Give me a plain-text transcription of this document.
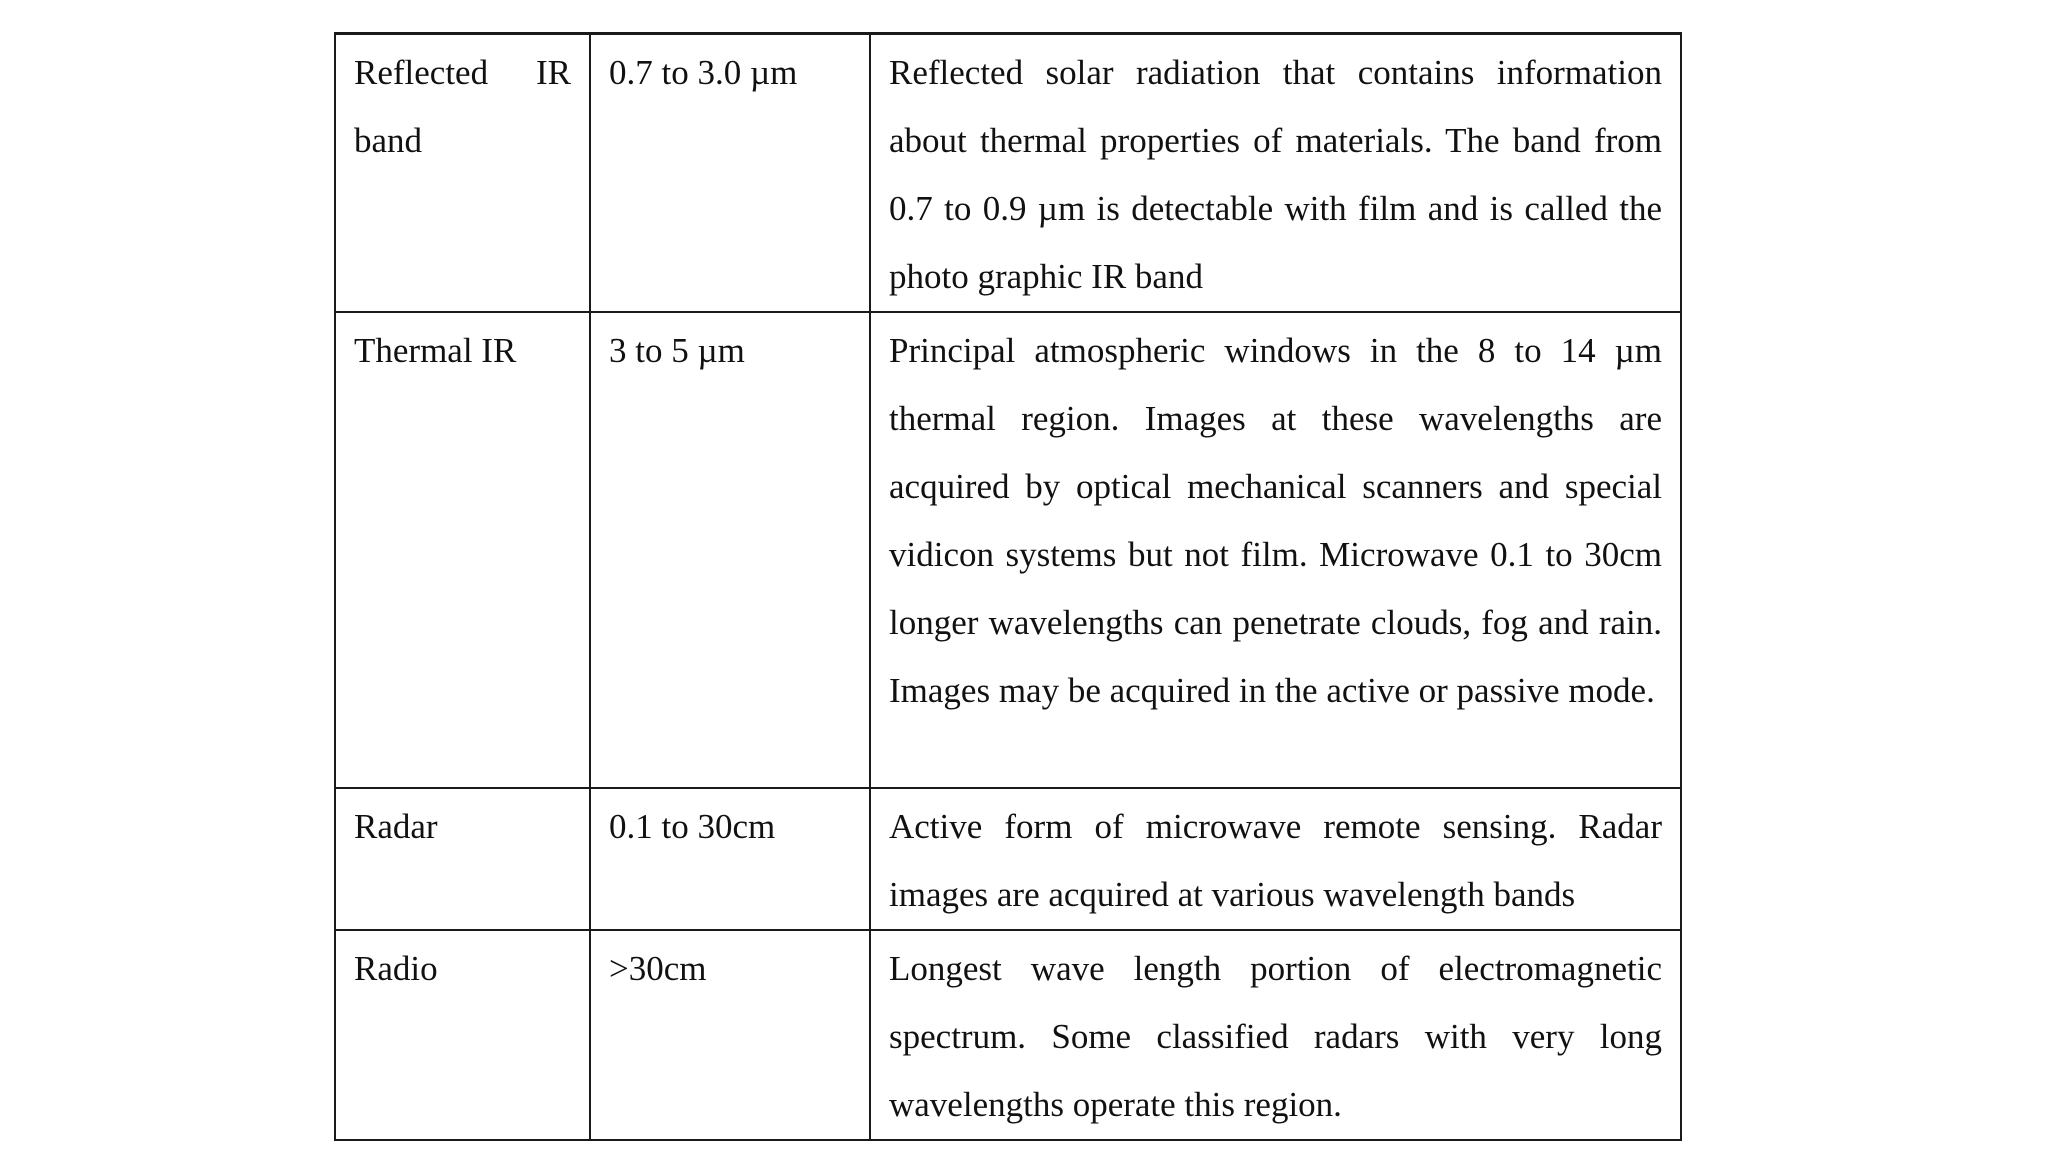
Reflected IR band	0.7 to 3.0 µm	Reflected solar radiation that contains information about thermal properties of materials. The band from 0.7 to 0.9 µm is detectable with film and is called the photo graphic IR band
Thermal IR	3 to 5 µm	Principal atmospheric windows in the 8 to 14 µm thermal region. Images at these wavelengths are acquired by optical mechanical scanners and special vidicon systems but not film. Microwave 0.1 to 30cm longer wavelengths can penetrate clouds, fog and rain. Images may be acquired in the active or passive mode.
Radar	0.1 to 30cm	Active form of microwave remote sensing. Radar images are acquired at various wavelength bands
Radio	>30cm	Longest wave length portion of electromagnetic spectrum. Some classified radars with very long wavelengths operate this region.
